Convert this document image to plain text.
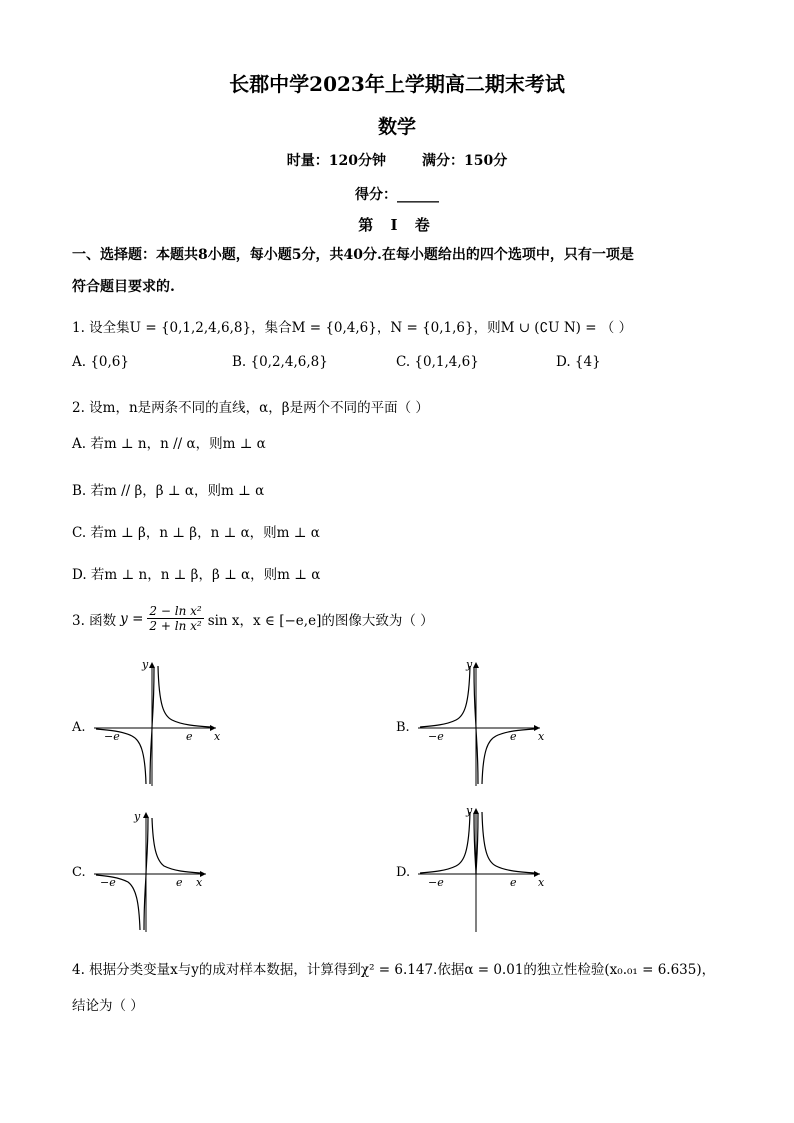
长郡中学2023年上学期高二期末考试
数学
时量：120分钟	满分：150分
得分：______
第 Ⅰ 卷
一、选择题：本题共8小题，每小题5分，共40分.在每小题给出的四个选项中，只有一项是
符合题目要求的.
1. 设全集U = {0,1,2,4,6,8}，集合M = {0,4,6}，N = {0,1,6}，则M ∪ (∁U N) = （ ）
A. {0,6}	B. {0,2,4,6,8}	C. {0,1,4,6}	D. {4}
2. 设m，n是两条不同的直线，α，β是两个不同的平面（ ）
A. 若m ⊥ n，n // α，则m ⊥ α
B. 若m // β，β ⊥ α，则m ⊥ α
C. 若m ⊥ β，n ⊥ β，n ⊥ α，则m ⊥ α
D. 若m ⊥ n，n ⊥ β，β ⊥ α，则m ⊥ α
3. 函数 $y = \frac{\text{2 − ln x²}}{\text{2 + ln x²}}$ sin x，x ∈ [−e,e]的图像大致为（ ）
A.	B.
C.	D.
y
x
−e	e
y
x
−e	e
y
x
−e	e
y
x
−e	e
4. 根据分类变量x与y的成对样本数据，计算得到χ² = 6.147.依据α = 0.01的独立性检验(x₀.₀₁ = 6.635)，
结论为（ ）
